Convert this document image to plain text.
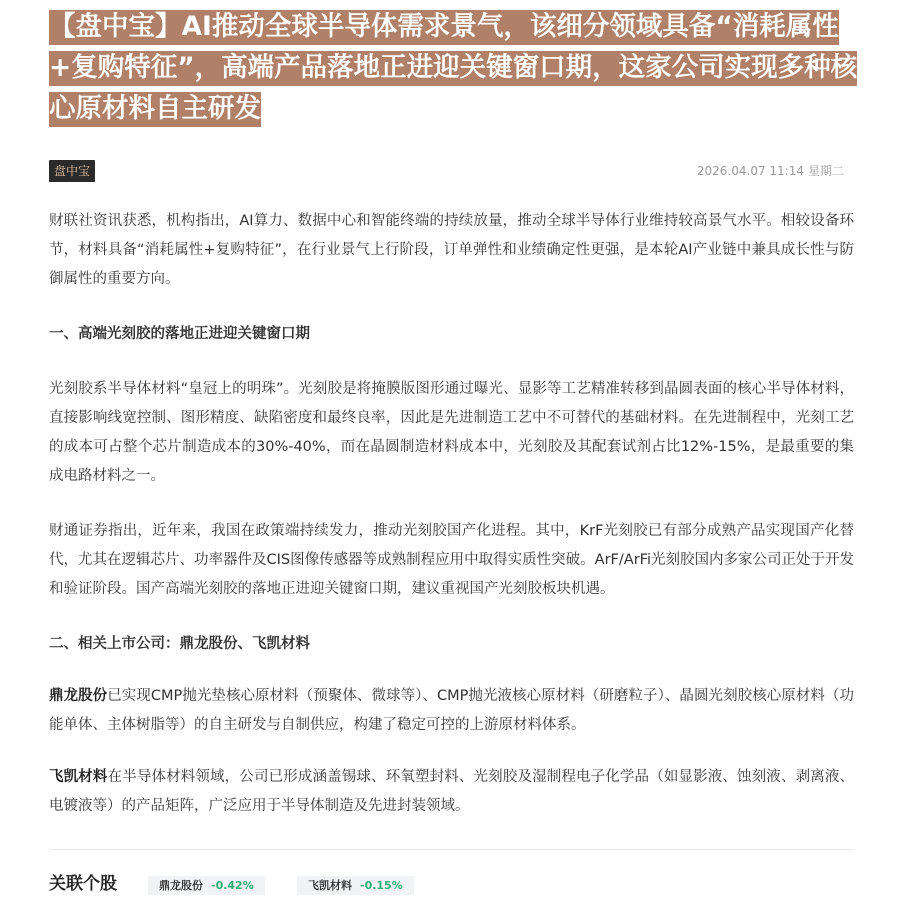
【盘中宝】AI推动全球半导体需求景气，该细分领域具备“消耗属性+复购特征”，高端产品落地正进迎关键窗口期，这家公司实现多种核心原材料自主研发
盘中宝	2026.04.07 11:14 星期二

财联社资讯获悉，机构指出，AI算力、数据中心和智能终端的持续放量，推动全球半导体行业维持较高景气水平。相较设备环节，材料具备“消耗属性+复购特征”，在行业景气上行阶段，订单弹性和业绩确定性更强，是本轮AI产业链中兼具成长性与防御属性的重要方向。

一、高端光刻胶的落地正进迎关键窗口期

光刻胶系半导体材料“皇冠上的明珠”。光刻胶是将掩膜版图形通过曝光、显影等工艺精准转移到晶圆表面的核心半导体材料，直接影响线宽控制、图形精度、缺陷密度和最终良率，因此是先进制造工艺中不可替代的基础材料。在先进制程中，光刻工艺的成本可占整个芯片制造成本的30%-40%，而在晶圆制造材料成本中，光刻胶及其配套试剂占比12%-15%，是最重要的集成电路材料之一。

财通证券指出，近年来，我国在政策端持续发力，推动光刻胶国产化进程。其中，KrF光刻胶已有部分成熟产品实现国产化替代，尤其在逻辑芯片、功率器件及CIS图像传感器等成熟制程应用中取得实质性突破。ArF/ArFi光刻胶国内多家公司正处于开发和验证阶段。国产高端光刻胶的落地正进迎关键窗口期，建议重视国产光刻胶板块机遇。

二、相关上市公司：鼎龙股份、飞凯材料

鼎龙股份已实现CMP抛光垫核心原材料（预聚体、微球等）、CMP抛光液核心原材料（研磨粒子）、晶圆光刻胶核心原材料（功能单体、主体树脂等）的自主研发与自制供应，构建了稳定可控的上游原材料体系。

飞凯材料在半导体材料领域，公司已形成涵盖锡球、环氧塑封料、光刻胶及湿制程电子化学品（如显影液、蚀刻液、剥离液、电镀液等）的产品矩阵，广泛应用于半导体制造及先进封装领域。

关联个股	鼎龙股份 -0.42%	飞凯材料 -0.15%
